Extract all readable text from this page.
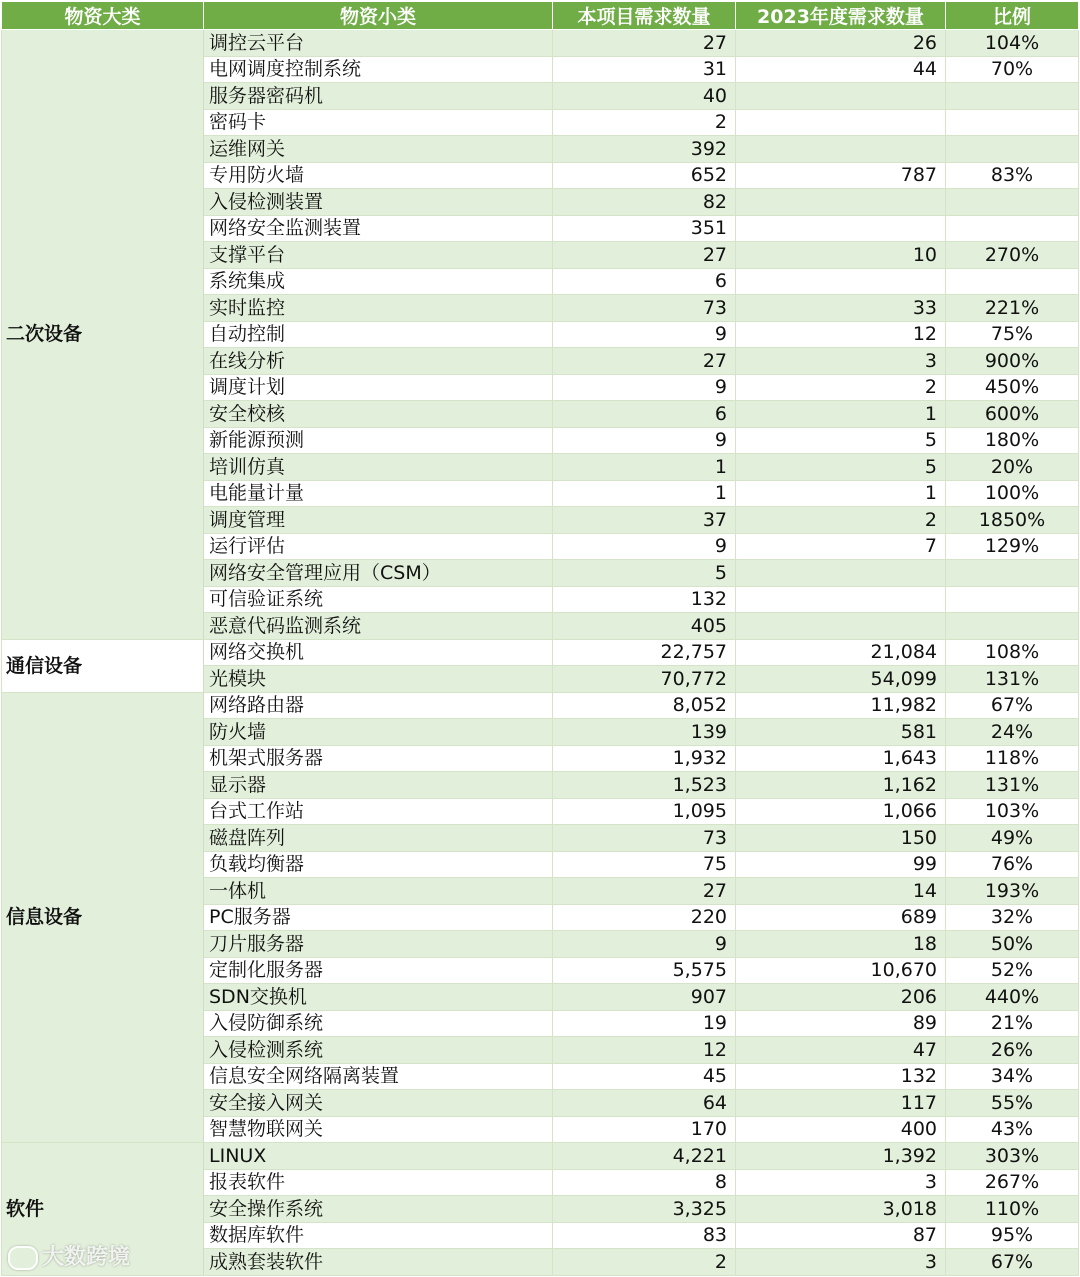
物资大类	物资小类	本项目需求数量	2023年度需求数量	比例
二次设备	调控云平台	27	26	104%
	电网调度控制系统	31	44	70%
	服务器密码机	40		
	密码卡	2		
	运维网关	392		
	专用防火墙	652	787	83%
	入侵检测装置	82		
	网络安全监测装置	351		
	支撑平台	27	10	270%
	系统集成	6		
	实时监控	73	33	221%
	自动控制	9	12	75%
	在线分析	27	3	900%
	调度计划	9	2	450%
	安全校核	6	1	600%
	新能源预测	9	5	180%
	培训仿真	1	5	20%
	电能量计量	1	1	100%
	调度管理	37	2	1850%
	运行评估	9	7	129%
	网络安全管理应用（CSM）	5		
	可信验证系统	132		
	恶意代码监测系统	405		
通信设备	网络交换机	22,757	21,084	108%
	光模块	70,772	54,099	131%
信息设备	网络路由器	8,052	11,982	67%
	防火墙	139	581	24%
	机架式服务器	1,932	1,643	118%
	显示器	1,523	1,162	131%
	台式工作站	1,095	1,066	103%
	磁盘阵列	73	150	49%
	负载均衡器	75	99	76%
	一体机	27	14	193%
	PC服务器	220	689	32%
	刀片服务器	9	18	50%
	定制化服务器	5,575	10,670	52%
	SDN交换机	907	206	440%
	入侵防御系统	19	89	21%
	入侵检测系统	12	47	26%
	信息安全网络隔离装置	45	132	34%
	安全接入网关	64	117	55%
	智慧物联网关	170	400	43%
软件	LINUX	4,221	1,392	303%
	报表软件	8	3	267%
	安全操作系统	3,325	3,018	110%
	数据库软件	83	87	95%
	成熟套装软件	2	3	67%
大数跨境
